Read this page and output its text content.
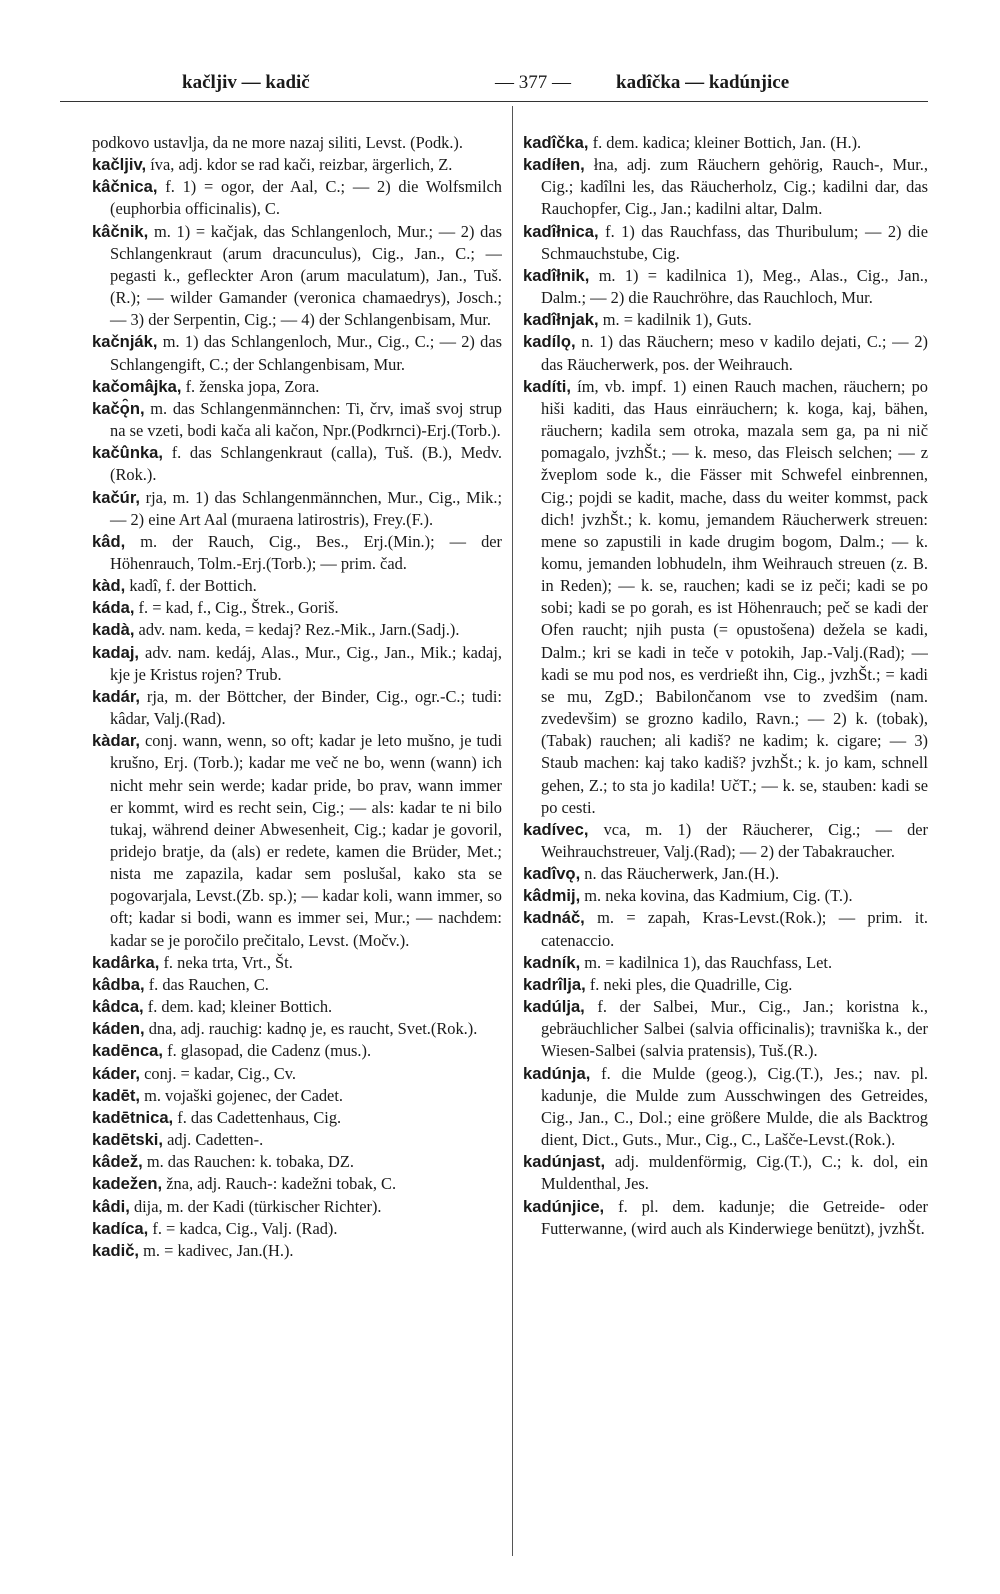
kačljiv — kadič	— 377 — kadîčka — kadúnjice

podkovo ustavlja, da ne more nazaj siliti, Levst. (Podk.).

kačljiv, íva, adj. kdor se rad kači, reizbar, ärgerlich, Z.

kâčnica, f. 1) = ogor, der Aal, C.; — 2) die Wolfsmilch (euphorbia officinalis), C.

kâčnik, m. 1) = kačjak, das Schlangenloch, Mur.; — 2) das Schlangenkraut (arum dracunculus), Cig., Jan., C.; — pegasti k., gefleckter Aron (arum maculatum), Jan., Tuš. (R.); — wilder Gamander (veronica chamaedrys), Josch.; — 3) der Serpentin, Cig.; — 4) der Schlangenbisam, Mur.

kačnják, m. 1) das Schlangenloch, Mur., Cig., C.; — 2) das Schlangengift, C.; der Schlangenbisam, Mur.

kačomâjka, f. ženska jopa, Zora.

kačǫ̑n, m. das Schlangenmännchen: Ti, črv, imaš svoj strup na se vzeti, bodi kača ali kačon, Npr.(Podkrnci)-Erj.(Torb.).

kačûnka, f. das Schlangenkraut (calla), Tuš. (B.), Medv.(Rok.).

kačúr, rja, m. 1) das Schlangenmännchen, Mur., Cig., Mik.; — 2) eine Art Aal (muraena latirostris), Frey.(F.).

kâd, m. der Rauch, Cig., Bes., Erj.(Min.); — der Höhenrauch, Tolm.-Erj.(Torb.); — prim. čad.

kàd, kadî, f. der Bottich.

káda, f. = kad, f., Cig., Štrek., Goriš.

kadà, adv. nam. keda, = kedaj? Rez.-Mik., Jarn.(Sadj.).

kadaj, adv. nam. kedáj, Alas., Mur., Cig., Jan., Mik.; kadaj, kje je Kristus rojen? Trub.

kadár, rja, m. der Böttcher, der Binder, Cig., ogr.-C.; tudi: kâdar, Valj.(Rad).

kàdar, conj. wann, wenn, so oft; kadar je leto mušno, je tudi krušno, Erj. (Torb.); kadar me več ne bo, wenn (wann) ich nicht mehr sein werde; kadar pride, bo prav, wann immer er kommt, wird es recht sein, Cig.; — als: kadar te ni bilo tukaj, während deiner Abwesenheit, Cig.; kadar je govoril, pridejo bratje, da (als) er redete, kamen die Brüder, Met.; nista me zapazila, kadar sem poslušal, kako sta se pogovarjala, Levst.(Zb. sp.); — kadar koli, wann immer, so oft; kadar si bodi, wann es immer sei, Mur.; — nachdem: kadar se je poročilo prečitalo, Levst. (Močv.).

kadârka, f. neka trta, Vrt., Št.

kâdba, f. das Rauchen, C.

kâdca, f. dem. kad; kleiner Bottich.

káden, dna, adj. rauchig: kadnǫ je, es raucht, Svet.(Rok.).

kadēnca, f. glasopad, die Cadenz (mus.).

káder, conj. = kadar, Cig., Cv.

kadēt, m. vojaški gojenec, der Cadet.

kadētnica, f. das Cadettenhaus, Cig.

kadētski, adj. Cadetten-.

kâdež, m. das Rauchen: k. tobaka, DZ.

kadežen, žna, adj. Rauch-: kadežni tobak, C.

kâdi, dija, m. der Kadi (türkischer Richter).

kadíca, f. = kadca, Cig., Valj. (Rad).

kadič, m. = kadivec, Jan.(H.).

kadîčka, f. dem. kadica; kleiner Bottich, Jan. (H.).

kadíłen, łna, adj. zum Räuchern gehörig, Rauch-, Mur., Cig.; kadîlni les, das Räucherholz, Cig.; kadilni dar, das Rauchopfer, Cig., Jan.; kadilni altar, Dalm.

kadîłnica, f. 1) das Rauchfass, das Thuribulum; — 2) die Schmauchstube, Cig.

kadîłnik, m. 1) = kadilnica 1), Meg., Alas., Cig., Jan., Dalm.; — 2) die Rauchröhre, das Rauchloch, Mur.

kadîłnjak, m. = kadilnik 1), Guts.

kadílǫ, n. 1) das Räuchern; meso v kadilo dejati, C.; — 2) das Räucherwerk, pos. der Weihrauch.

kadíti, ím, vb. impf. 1) einen Rauch machen, räuchern; po hiši kaditi, das Haus einräuchern; k. koga, kaj, bähen, räuchern; kadila sem otroka, mazala sem ga, pa ni nič pomagalo, jvzhŠt.; — k. meso, das Fleisch selchen; — z žveplom sode k., die Fässer mit Schwefel einbrennen, Cig.; pojdi se kadit, mache, dass du weiter kommst, pack dich! jvzhŠt.; k. komu, jemandem Räucherwerk streuen: mene so zapustili in kade drugim bogom, Dalm.; — k. komu, jemanden lobhudeln, ihm Weihrauch streuen (z. B. in Reden); — k. se, rauchen; kadi se iz peči; kadi se po sobi; kadi se po gorah, es ist Höhenrauch; peč se kadi der Ofen raucht; njih pusta (= opustošena) dežela se kadi, Dalm.; kri se kadi in teče v potokih, Jap.-Valj.(Rad); — kadi se mu pod nos, es verdrießt ihn, Cig., jvzhŠt.; = kadi se mu, ZgD.; Babilončanom vse to zvedšim (nam. zvedevšim) se grozno kadilo, Ravn.; — 2) k. (tobak), (Tabak) rauchen; ali kadiš? ne kadim; k. cigare; — 3) Staub machen: kaj tako kadiš? jvzhŠt.; k. jo kam, schnell gehen, Z.; to sta jo kadila! UčT.; — k. se, stauben: kadi se po cesti.

kadívec, vca, m. 1) der Räucherer, Cig.; — der Weihrauchstreuer, Valj.(Rad); — 2) der Tabakraucher.

kadîvǫ, n. das Räucherwerk, Jan.(H.).

kâdmij, m. neka kovina, das Kadmium, Cig. (T.).

kadnáč, m. = zapah, Kras-Levst.(Rok.); — prim. it. catenaccio.

kadník, m. = kadilnica 1), das Rauchfass, Let.

kadrîlja, f. neki ples, die Quadrille, Cig.

kadúlja, f. der Salbei, Mur., Cig., Jan.; koristna k., gebräuchlicher Salbei (salvia officinalis); travniška k., der Wiesen-Salbei (salvia pratensis), Tuš.(R.).

kadúnja, f. die Mulde (geog.), Cig.(T.), Jes.; nav. pl. kadunje, die Mulde zum Ausschwingen des Getreides, Cig., Jan., C., Dol.; eine größere Mulde, die als Backtrog dient, Dict., Guts., Mur., Cig., C., Lašče-Levst.(Rok.).

kadúnjast, adj. muldenförmig, Cig.(T.), C.; k. dol, ein Muldenthal, Jes.

kadúnjice, f. pl. dem. kadunje; die Getreide- oder Futterwanne, (wird auch als Kinderwiege benützt), jvzhŠt.
